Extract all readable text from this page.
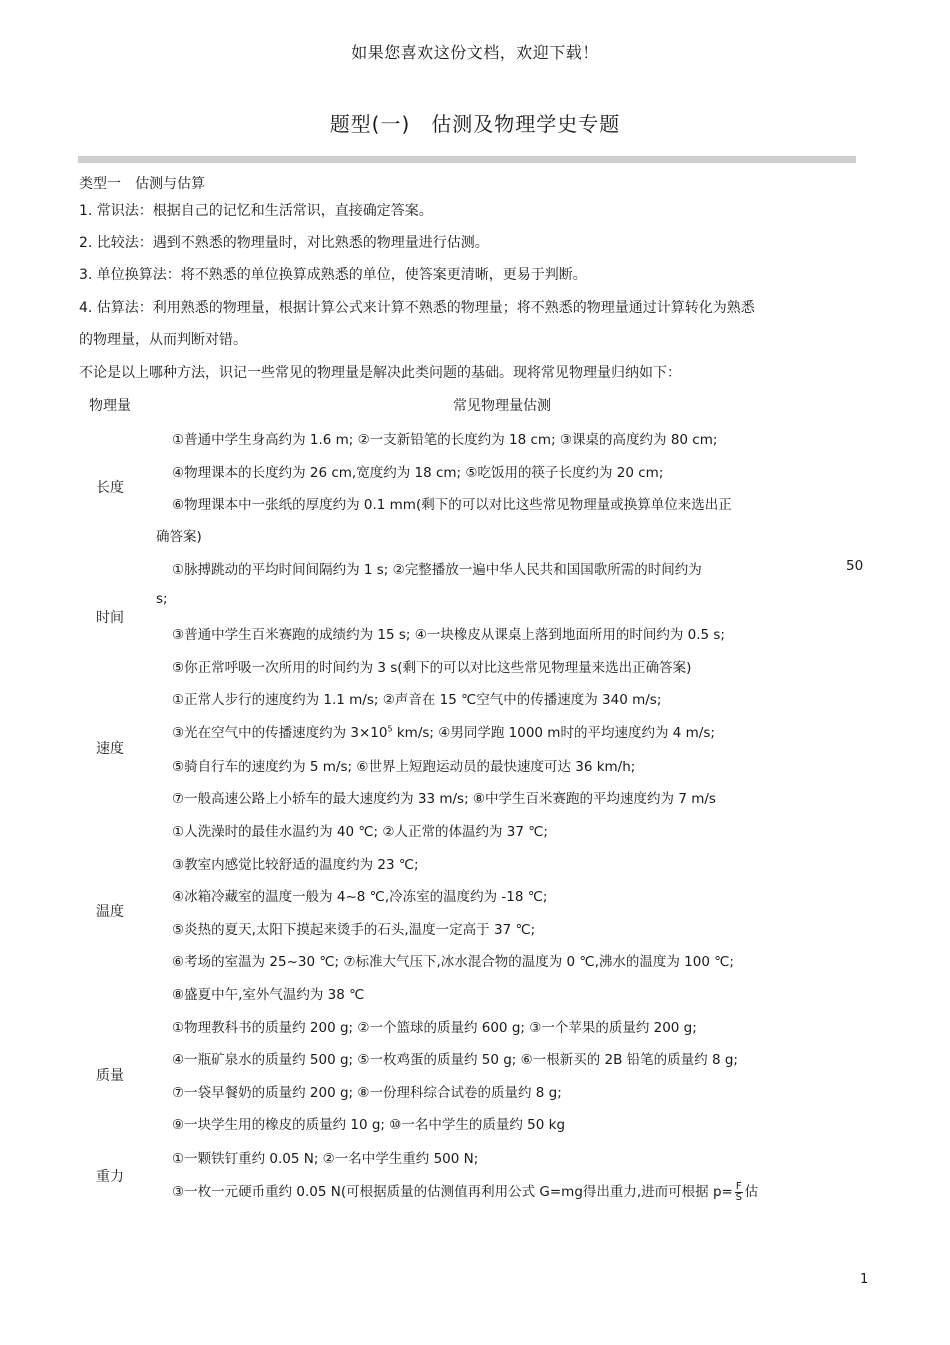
如果您喜欢这份文档，欢迎下载！
题型(一)　估测及物理学史专题
类型一　估测与估算
1. 常识法：根据自己的记忆和生活常识，直接确定答案。
2. 比较法：遇到不熟悉的物理量时，对比熟悉的物理量进行估测。
3. 单位换算法：将不熟悉的单位换算成熟悉的单位，使答案更清晰，更易于判断。
4. 估算法：利用熟悉的物理量，根据计算公式来计算不熟悉的物理量；将不熟悉的物理量通过计算转化为熟悉
的物理量，从而判断对错。
不论是以上哪种方法，识记一些常见的物理量是解决此类问题的基础。现将常见物理量归纳如下：
物理量	常见物理量估测
长度
①普通中学生身高约为 1.6 m; ②一支新铅笔的长度约为 18 cm; ③课桌的高度约为 80 cm;
④物理课本的长度约为 26 cm,宽度约为 18 cm; ⑤吃饭用的筷子长度约为 20 cm;
⑥物理课本中一张纸的厚度约为 0.1 mm(剩下的可以对比这些常见物理量或换算单位来选出正
确答案)
时间
①脉搏跳动的平均时间间隔约为 1 s; ②完整播放一遍中华人民共和国国歌所需的时间约为	50
s;
③普通中学生百米赛跑的成绩约为 15 s; ④一块橡皮从课桌上落到地面所用的时间约为 0.5 s;
⑤你正常呼吸一次所用的时间约为 3 s(剩下的可以对比这些常见物理量来选出正确答案)
速度
①正常人步行的速度约为 1.1 m/s; ②声音在 15 ℃空气中的传播速度为 340 m/s;
③光在空气中的传播速度约为 $3\times 10^5$ km/s; ④男同学跑 1000 m时的平均速度约为 4 m/s;
⑤骑自行车的速度约为 5 m/s; ⑥世界上短跑运动员的最快速度可达 36 km/h;
⑦一般高速公路上小轿车的最大速度约为 33 m/s; ⑧中学生百米赛跑的平均速度约为 7 m/s
温度
①人洗澡时的最佳水温约为 40 ℃; ②人正常的体温约为 37 ℃;
③教室内感觉比较舒适的温度约为 23 ℃;
④冰箱冷藏室的温度一般为 4~8 ℃,冷冻室的温度约为 -18 ℃;
⑤炎热的夏天,太阳下摸起来烫手的石头,温度一定高于 37 ℃;
⑥考场的室温为 25~30 ℃; ⑦标准大气压下,冰水混合物的温度为 0 ℃,沸水的温度为 100 ℃;
⑧盛夏中午,室外气温约为 38 ℃
质量
①物理教科书的质量约 200 g; ②一个篮球的质量约 600 g; ③一个苹果的质量约 200 g;
④一瓶矿泉水的质量约 500 g; ⑤一枚鸡蛋的质量约 50 g; ⑥一根新买的 2B 铅笔的质量约 8 g;
⑦一袋早餐奶的质量约 200 g; ⑧一份理科综合试卷的质量约 8 g;
⑨一块学生用的橡皮的质量约 10 g; ⑩一名中学生的质量约 50 kg
重力
①一颗铁钉重约 0.05 N; ②一名中学生重约 500 N;
③一枚一元硬币重约 0.05 N(可根据质量的估测值再利用公式 G=mg得出重力,进而可根据 $p= \frac{F}{S}$ 估
1
